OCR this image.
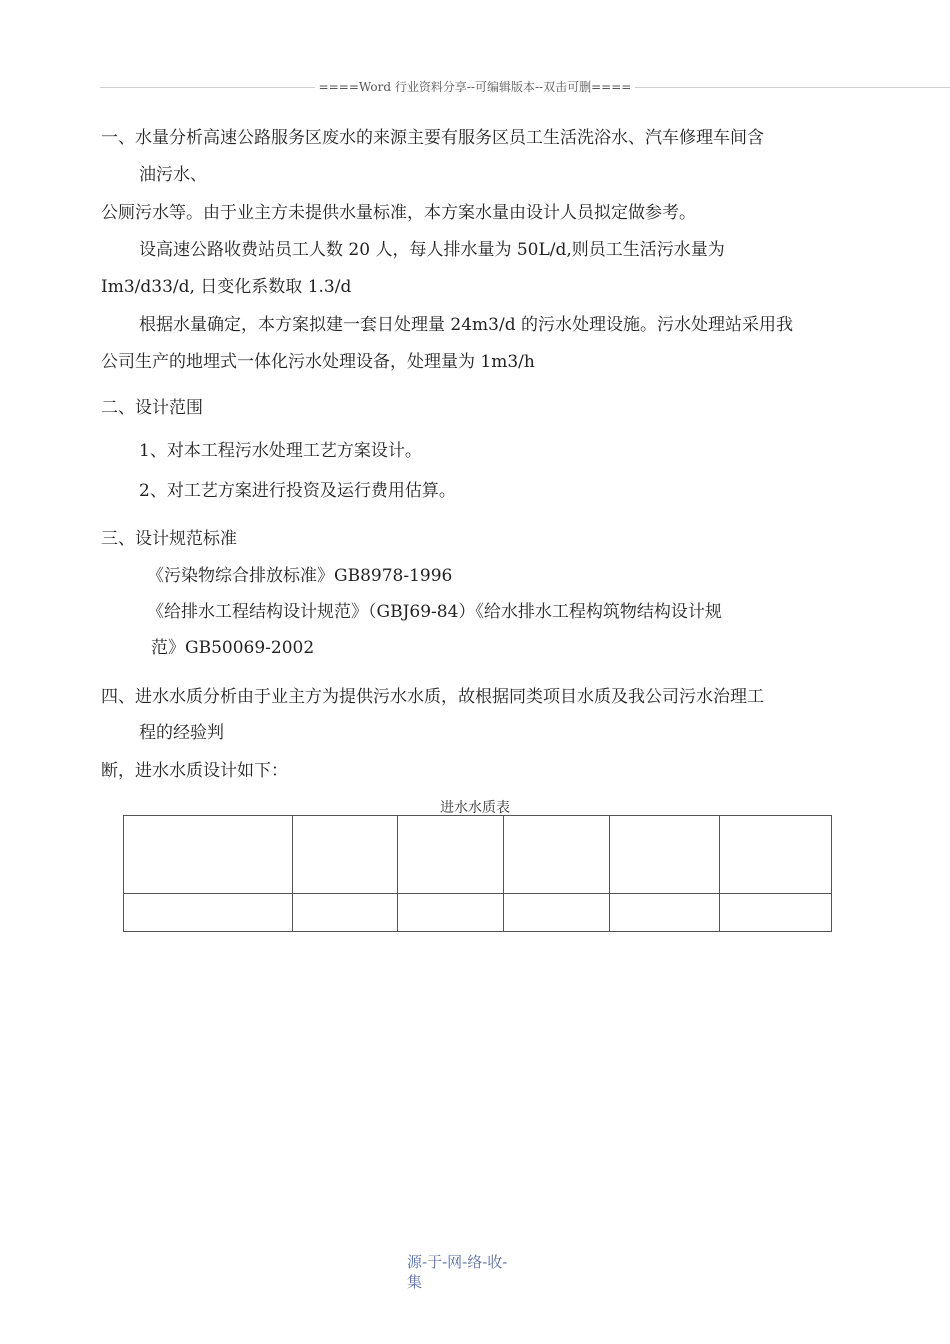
====Word 行业资料分享--可编辑版本--双击可删====
一、水量分析高速公路服务区废水的来源主要有服务区员工生活洗浴水、汽车修理车间含
油污水、
公厕污水等。由于业主方未提供水量标准，本方案水量由设计人员拟定做参考。
设高速公路收费站员工人数 20 人，每人排水量为 50L/d,则员工生活污水量为
Im3/d33/d, 日变化系数取 1.3/d
根据水量确定，本方案拟建一套日处理量 24m3/d 的污水处理设施。污水处理站采用我
公司生产的地埋式一体化污水处理设备，处理量为 1m3/h
二、设计范围
1、对本工程污水处理工艺方案设计。
2、对工艺方案进行投资及运行费用估算。
三、设计规范标准
《污染物综合排放标准》GB8978-1996
《给排水工程结构设计规范》（GBJ69-84）《给水排水工程构筑物结构设计规
范》GB50069-2002
四、进水水质分析由于业主方为提供污水水质，故根据同类项目水质及我公司污水治理工
程的经验判
断，进水水质设计如下：
进水水质表

源-于-网-络-收-
集
